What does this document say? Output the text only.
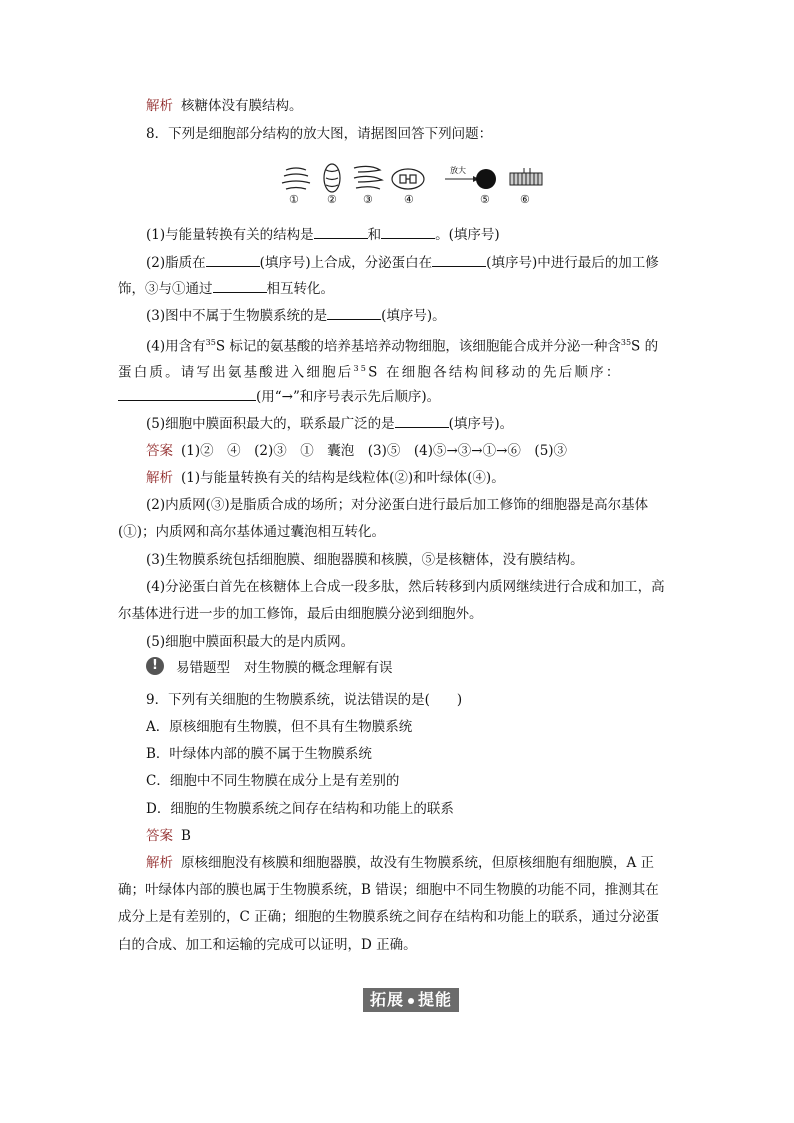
解析 核糖体没有膜结构。
8．下列是细胞部分结构的放大图，请据图回答下列问题：
放大
①	② ③	④	⑤	⑥
(1)与能量转换有关的结构是	和	。(填序号)
(2)脂质在	(填序号)上合成，分泌蛋白在	(填序号)中进行最后的加工修
饰，③与①通过	相互转化。
(3)图中不属于生物膜系统的是	(填序号)。
(4)用含有$^{35}$S 标记的氨基酸的培养基培养动物细胞，该细胞能合成并分泌一种含$^{35}$S 的
蛋白质。请写出氨基酸进入细胞后$^{35}$S 在细胞各结构间移动的先后顺序：
(用“→”和序号表示先后顺序)。
(5)细胞中膜面积最大的，联系最广泛的是	(填序号)。
答案 (1)②　④　(2)③　①　囊泡　(3)⑤　(4)⑤→③→①→⑥　(5)③
解析 (1)与能量转换有关的结构是线粒体(②)和叶绿体(④)。
(2)内质网(③)是脂质合成的场所；对分泌蛋白进行最后加工修饰的细胞器是高尔基体
(①)；内质网和高尔基体通过囊泡相互转化。
(3)生物膜系统包括细胞膜、细胞器膜和核膜，⑤是核糖体，没有膜结构。
(4)分泌蛋白首先在核糖体上合成一段多肽，然后转移到内质网继续进行合成和加工，高
尔基体进行进一步的加工修饰，最后由细胞膜分泌到细胞外。
(5)细胞中膜面积最大的是内质网。
!	易错题型 对生物膜的概念理解有误
9．下列有关细胞的生物膜系统，说法错误的是(　　)
A．原核细胞有生物膜，但不具有生物膜系统
B．叶绿体内部的膜不属于生物膜系统
C．细胞中不同生物膜在成分上是有差别的
D．细胞的生物膜系统之间存在结构和功能上的联系
答案 B
解析 原核细胞没有核膜和细胞器膜，故没有生物膜系统，但原核细胞有细胞膜，A 正
确；叶绿体内部的膜也属于生物膜系统，B 错误；细胞中不同生物膜的功能不同，推测其在
成分上是有差别的，C 正确；细胞的生物膜系统之间存在结构和功能上的联系，通过分泌蛋
白的合成、加工和运输的完成可以证明，D 正确。
拓展 提能
